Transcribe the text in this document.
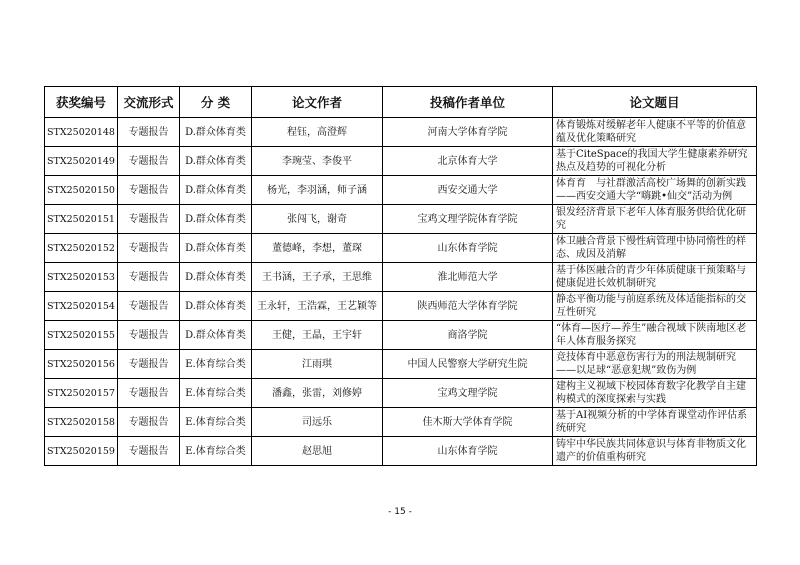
获奖编号	交流形式	分 类	论文作者	投稿作者单位	论文题目
STX25020148	专题报告	D.群众体育类	程钰，高澄辉	河南大学体育学院	体育锻炼对缓解老年人健康不平等的价值意蕴及优化策略研究
STX25020149	专题报告	D.群众体育类	李琬莹、李俊平	北京体育大学	基于CiteSpace的我国大学生健康素养研究热点及趋势的可视化分析
STX25020150	专题报告	D.群众体育类	杨光，李羽涵，师子涵	西安交通大学	体育育　与社群激活高校广场舞的创新实践——西安交通大学“嗨跳•仙交”活动为例
STX25020151	专题报告	D.群众体育类	张闯飞，谢奇	宝鸡文理学院体育学院	银发经济背景下老年人体育服务供给优化研究
STX25020152	专题报告	D.群众体育类	董德峰，李想，董琛	山东体育学院	体卫融合背景下慢性病管理中协同惰性的样态、成因及消解
STX25020153	专题报告	D.群众体育类	王书涵，王子承，王思维	淮北师范大学	基于体医融合的青少年体质健康干预策略与健康促进长效机制研究
STX25020154	专题报告	D.群众体育类	王永轩，王浩霖，王艺颖等	陕西师范大学体育学院	静态平衡功能与前庭系统及体适能指标的交互性研究
STX25020155	专题报告	D.群众体育类	王健，王晶，王宇轩	商洛学院	“体育—医疗—养生”融合视域下陕南地区老年人体育服务探究
STX25020156	专题报告	E.体育综合类	江雨琪	中国人民警察大学研究生院	竞技体育中恶意伤害行为的刑法规制研究——以足球“恶意犯规”致伤为例
STX25020157	专题报告	E.体育综合类	潘鑫，张雷，刘修婷	宝鸡文理学院	建构主义视域下校园体育数字化教学自主建构模式的深度探索与实践
STX25020158	专题报告	E.体育综合类	司远乐	佳木斯大学体育学院	基于AI视频分析的中学体育课堂动作评估系统研究
STX25020159	专题报告	E.体育综合类	赵思旭	山东体育学院	铸牢中华民族共同体意识与体育非物质文化遗产的价值重构研究
- 15 -
